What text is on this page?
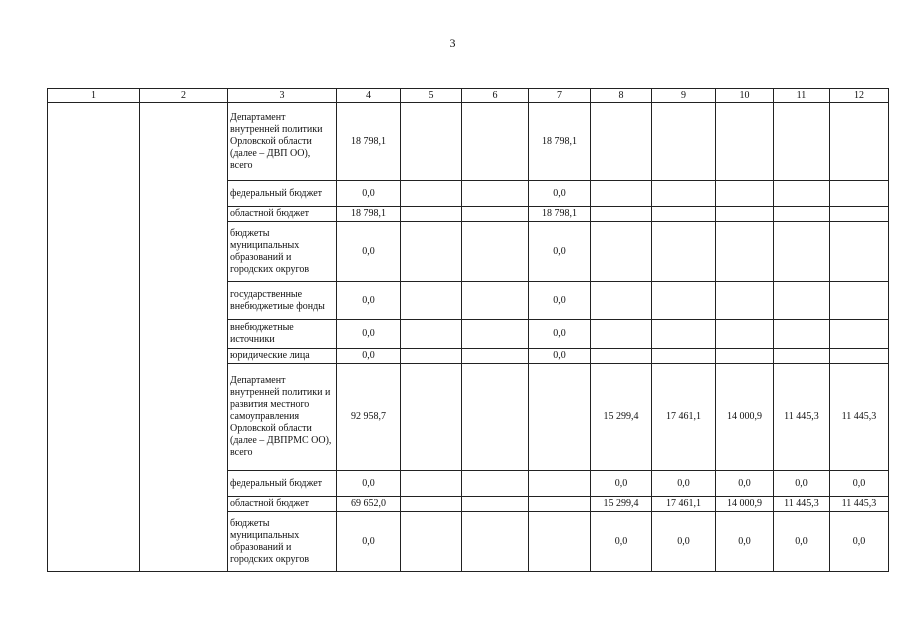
3
1	2	3	4	5	6	7	8	9	10	11	12
		Департамент внутренней политики Орловской области (далее – ДВП ОО), всего	18 798,1			18 798,1					
		федеральный бюджет	0,0			0,0					
		областной бюджет	18 798,1			18 798,1					
		бюджеты муниципальных образований и городских округов	0,0			0,0					
		государственные внебюджетиые фонды	0,0			0,0					
		внебюджетные источники	0,0			0,0					
		юридические лица	0,0			0,0					
		Департамент внутренней политики и развития местного самоуправления Орловской области (далее – ДВПРМС ОО), всего	92 958,7				15 299,4	17 461,1	14 000,9	11 445,3	11 445,3
		федеральный бюджет	0,0				0,0	0,0	0,0	0,0	0,0
		областной бюджет	69 652,0				15 299,4	17 461,1	14 000,9	11 445,3	11 445,3
		бюджеты муниципальных образований и городских округов	0,0				0,0	0,0	0,0	0,0	0,0
